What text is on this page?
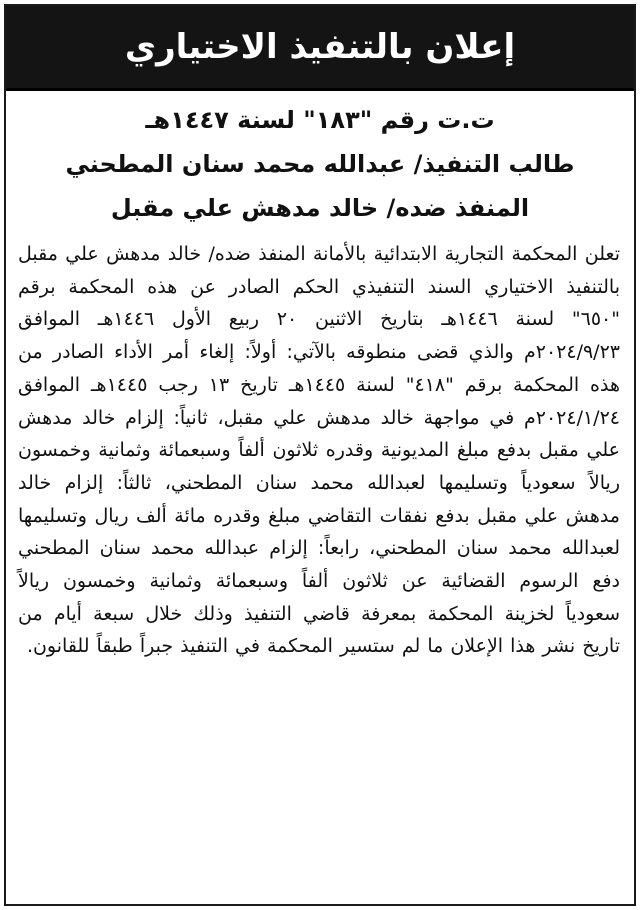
إعلان بالتنفيذ الاختياري
ت.ت رقم "١٨٣" لسنة ١٤٤٧هـ
طالب التنفيذ/ عبدالله محمد سنان المطحني
المنفذ ضده/ خالد مدهش علي مقبل

تعلن المحكمة التجارية الابتدائية بالأمانة المنفذ ضده/ خالد مدهش علي مقبل بالتنفيذ الاختياري السند التنفيذي الحكم الصادر عن هذه المحكمة برقم "٦٥٠" لسنة ١٤٤٦هـ بتاريخ الاثنين ٢٠ ربيع الأول ١٤٤٦هـ الموافق ٢٠٢٤/٩/٢٣م والذي قضى منطوقه بالآتي: أولاً: إلغاء أمر الأداء الصادر من هذه المحكمة برقم "٤١٨" لسنة ١٤٤٥هـ تاريخ ١٣ رجب ١٤٤٥هـ الموافق ٢٠٢٤/١/٢٤م في مواجهة خالد مدهش علي مقبل، ثانياً: إلزام خالد مدهش علي مقبل بدفع مبلغ المديونية وقدره ثلاثون ألفاً وسبعمائة وثمانية وخمسون ريالاً سعودياً وتسليمها لعبدالله محمد سنان المطحني، ثالثاً: إلزام خالد مدهش علي مقبل بدفع نفقات التقاضي مبلغ وقدره مائة ألف ريال وتسليمها لعبدالله محمد سنان المطحني، رابعاً: إلزام عبدالله محمد سنان المطحني دفع الرسوم القضائية عن ثلاثون ألفاً وسبعمائة وثمانية وخمسون ريالاً سعودياً لخزينة المحكمة بمعرفة قاضي التنفيذ وذلك خلال سبعة أيام من تاريخ نشر هذا الإعلان ما لم ستسير المحكمة في التنفيذ جبراً طبقاً للقانون.
